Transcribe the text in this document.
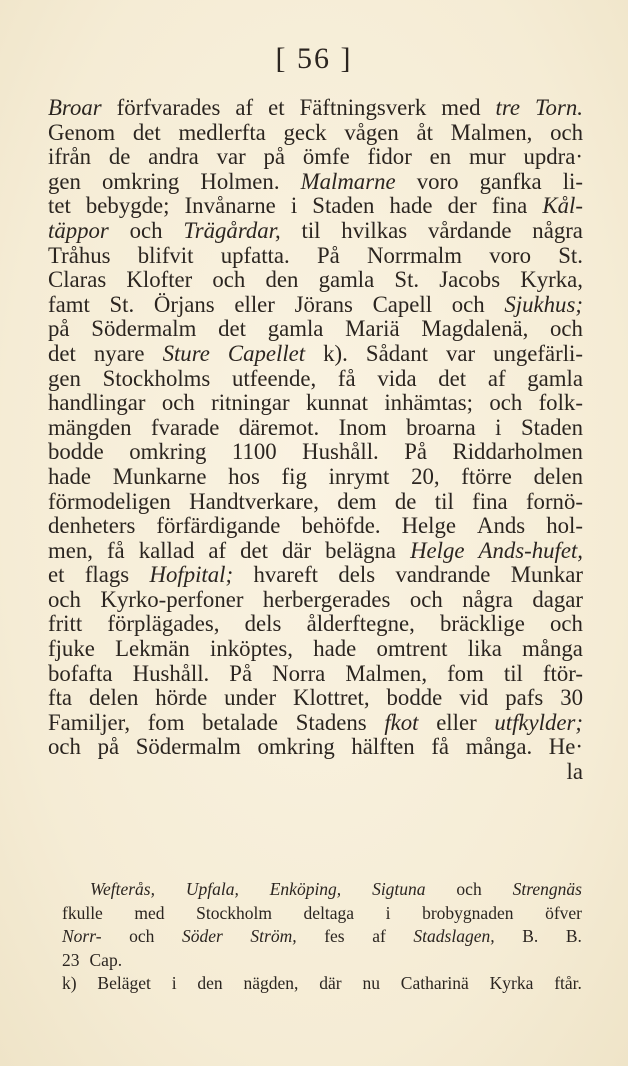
[ 56 ]
Broar förfvarades af et Fäftningsverk med tre Torn.
Genom det medlerfta geck vågen åt Malmen, och
ifrån de andra var på ömfe fidor en mur updra·
gen omkring Holmen. Malmarne voro ganfka li-
tet bebygde; Invånarne i Staden hade der fina Kål-
täppor och Trägårdar, til hvilkas vårdande några
Tråhus blifvit upfatta. På Norrmalm voro St.
Claras Klofter och den gamla St. Jacobs Kyrka,
famt St. Örjans eller Jörans Capell och Sjukhus;
på Södermalm det gamla Mariä Magdalenä, och
det nyare Sture Capellet k). Sådant var ungefärli-
gen Stockholms utfeende, få vida det af gamla
handlingar och ritningar kunnat inhämtas; och folk-
mängden fvarade däremot. Inom broarna i Staden
bodde omkring 1100 Hushåll. På Riddarholmen
hade Munkarne hos fig inrymt 20, ftörre delen
förmodeligen Handtverkare, dem de til fina fornö-
denheters förfärdigande behöfde. Helge Ands hol-
men, få kallad af det där belägna Helge Ands-hufet,
et flags Hofpital; hvareft dels vandrande Munkar
och Kyrko-perfoner herbergerades och några dagar
fritt förplägades, dels ålderftegne, bräcklige och
fjuke Lekmän inköptes, hade omtrent lika många
bofafta Hushåll. På Norra Malmen, fom til ftör-
fta delen hörde under Klottret, bodde vid pafs 30
Familjer, fom betalade Stadens fkot eller utfkylder;
och på Södermalm omkring hälften få många. He·
la
Wefterås, Upfala, Enköping, Sigtuna och Strengnäs
fkulle med Stockholm deltaga i brobygnaden öfver
Norr- och Söder Ström, fes af Stadslagen, B. B.
23 Cap.
k) Beläget i den nägden, där nu Catharinä Kyrka ftår.
